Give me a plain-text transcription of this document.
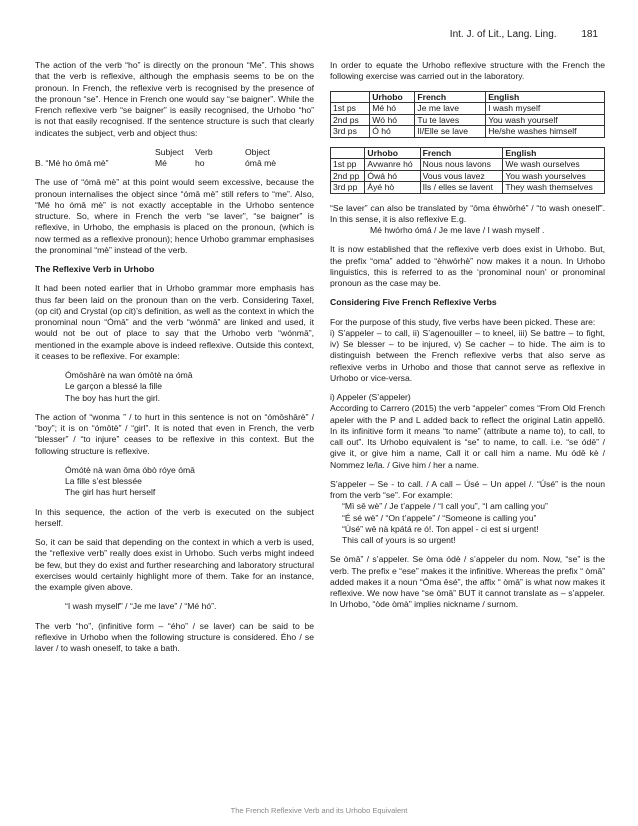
Int. J. of Lit., Lang. Ling. 181

The action of the verb “ho” is directly on the pronoun “Me”. This shows that the verb is reflexive, although the emphasis seems to be on the pronoun. In French, the reflexive verb is recognised by the presence of the pronoun “se”. Hence in French one would say “se baigner”. While the French reflexive verb “se baigner” is easily recognised, the Urhobo “ho” is not that easily recognised. If the sentence structure is such that clearly indicates the subject, verb and object thus:

Subject	Verb	Object
B. “Mé ho ómā mè”	Mé	ho	ómā mè

The use of “ómā mè” at this point would seem excessive, because the pronoun internalises the object since “ómā mè” still refers to “me”. Also, “Mé ho ómā mè” is not exactly acceptable in the Urhobo sentence structure. So, where in French the verb “se laver”, “se baigner” is reflexive, in Urhobo, the emphasis is placed on the pronoun, (which is now termed as a reflexive pronoun); hence Urhobo grammar emphasises the pronominal “mè” instead of the verb.

The Reflexive Verb in Urhobo

It had been noted earlier that in Urhobo grammar more emphasis has thus far been laid on the pronoun than on the verb. Considering Taxel, (op cit) and Crystal (op cit)’s definition, as well as the context in which the pronominal noun “Ómā” and the verb “wónmā” are linked and used, it would not be out of place to say that the Urhobo verb “wónmā”, mentioned in the example above is indeed reflexive. Outside this context, it ceases to be reflexive. For example:

Ómōshārè na wan ómōtè na ómā

Le garçon a blessé la fille

The boy has hurt the girl.

The action of “wonma ” / to hurt in this sentence is not on “ómōshārè” / “boy”; it is on “ómōtè” / “girl”. It is noted that even in French, the verb “blesser” / “to injure” ceases to be reflexive in this context. But the following structure is reflexive.

Ómótè nà wan ōma óbò róye ómā

La fille s’est blessée

The girl has hurt herself

In this sequence, the action of the verb is executed on the subject herself.

So, it can be said that depending on the context in which a verb is used, the “reflexive verb” really does exist in Urhobo. Such verbs might indeed be few, but they do exist and further researching and laboratory structural exercises would certainly highlight more of them. Take for an instance, the example given above.

“I wash myself” / “Je me lave” / “Mé hó”.

The verb “ho”, (infinitive form – “ého” / se laver) can be said to be reflexive in Urhobo when the following structure is considered. Ého / se laver / to wash oneself, to take a bath.

In order to equate the Urhobo reflexive structure with the French the following exercise was carried out in the laboratory.

	Urhobo	French	English
1st ps	Mé hó	Je me lave	I wash myself
2nd ps	Wó hó	Tu te laves	You wash yourself
3rd ps	Ó hó	Il/Elle se lave	He/she washes himself
	Urhobo	French	English
1st pp	Avwanre hó	Nous nous lavons	We wash ourselves
2nd pp	Ówá hó	Vous vous lavez	You wash yourselves
3rd pp	Áyé hò	Ils / elles se lavent	They wash themselves

“Se laver” can also be translated by “ōma éhwōrhé” / “to wash oneself”. In this sense, it is also reflexive E.g.

Mé hwórho ómá / Je me lave / I wash myself .

It is now established that the reflexive verb does exist in Urhobo. But, the prefix “oma” added to “èhwòrhè” now makes it a noun. In Urhobo linguistics, this is referred to as the ‘pronominal noun’ or pronominal pronoun as the case may be.

Considering Five French Reflexive Verbs

For the purpose of this study, five verbs have been picked. These are:

i) S’appeler – to call, ii) S’agenouiller – to kneel, iii) Se battre – to fight, iv) Se blesser – to be injured, v) Se cacher – to hide. The aim is to distinguish between the French reflexive verbs that also serve as reflexive verbs in Urhobo and those that cannot serve as reflexive in Urhobo or vice-versa.

i) Appeler (S’appeler)

According to Carrero (2015) the verb “appeler” comes “From Old French apeler with the P and L added back to reflect the original Latin appellō. In its infinitive form it means “to name” (attribute a name to), to call, to call out”. Its Urhobo equivalent is “se” to name, to call. i.e. “se ódē” / give it, or give him a name, Call it or call him a name. Mu ódē kè / Nommez le/la. / Give him / her a name.

S’appeler – Se - to call. / A call – Úsé – Un appel /. “Úsé” is the noun from the verb “se”. For example:

“Mì sē wè” / Je t’appele / “I call you”, “I am calling you”

“É sé wè” / “On t’appele” / “Someone is calling you”

“Úsé” wē nà kpátá re ó!. Ton appel - ci est si urgent!

This call of yours is so urgent!

Se òmā” / s’appeler. Se òma ódè / s’appeler du nom. Now, “se” is the verb. The prefix e “ese” makes it the infinitive. Whereas the prefix “ òmā” added makes it a noun “Ómа ēsé”, the affix “ òmā” is what now makes it reflexive. We now have “se òmā” BUT it cannot translate as – s’appeler. In Urhobo, “òde òmà” implies nickname / surnom.

The French Reflexive Verb and its Urhobo Equivalent
